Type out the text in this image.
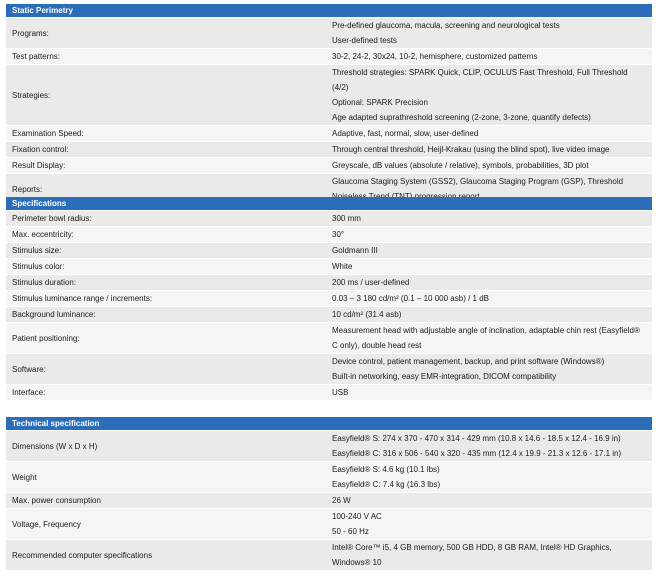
Static Perimetry	
Programs:	Pre-defined glaucoma, macula, screening and neurological tests
User-defined tests

Test patterns:	30-2, 24-2, 30x24, 10-2, hemisphere, customized patterns

Strategies:	Threshold strategies: SPARK Quick, CLIP, OCULUS Fast Threshold, Full Threshold (4/2)
Optional: SPARK Precision
Age adapted suprathreshold screening (2-zone, 3-zone, quantify defects)

Examination Speed:	Adaptive, fast, normal, slow, user-defined

Fixation control:	Through central threshold, Heijl-Krakau (using the blind spot), live video image

Result Display:	Greyscale, dB values (absolute / relative), symbols, probabilities, 3D plot

Reports:	Glaucoma Staging System (GSS2), Glaucoma Staging Program (GSP), Threshold
Specifications	
Perimeter bowl radius:	300 mm

Max. eccentricity:	30°

Stimulus size:	Goldmann III

Stimulus color:	White

Stimulus duration:	200 ms / user-defined

Stimulus luminance range / increments:	0.03 – 3 180 cd/m² (0.1 – 10 000 asb) / 1 dB

Background luminance:	10 cd/m² (31.4 asb)

Patient positioning:	Measurement head with adjustable angle of inclination, adaptable chin rest (Easyfield® C only), double head rest

Software:	Device control, patient management, backup, and print software (Windows®)
Built-in networking, easy EMR-integration, DICOM compatibility

Interface:	USB
Technical specification	
Dimensions (W x D x H)	Easyfield® S: 274 x 370 - 470 x 314 - 429 mm (10.8 x 14.6 - 18.5 x 12.4 - 16.9 in)
Easyfield® C: 316 x 506 - 540 x 320 - 435 mm (12.4 x 19.9 - 21.3 x 12.6 - 17.1 in)

Weight	Easyfield® S: 4.6 kg (10.1 lbs)
Easyfield® C: 7.4 kg (16.3 lbs)

Max. power consumption	26 W

Voltage, Frequency	100-240 V AC
50 - 60 Hz

Recommended computer specifications	Intel® Core™ i5, 4 GB memory, 500 GB HDD, 8 GB RAM, Intel® HD Graphics, Windows® 10
